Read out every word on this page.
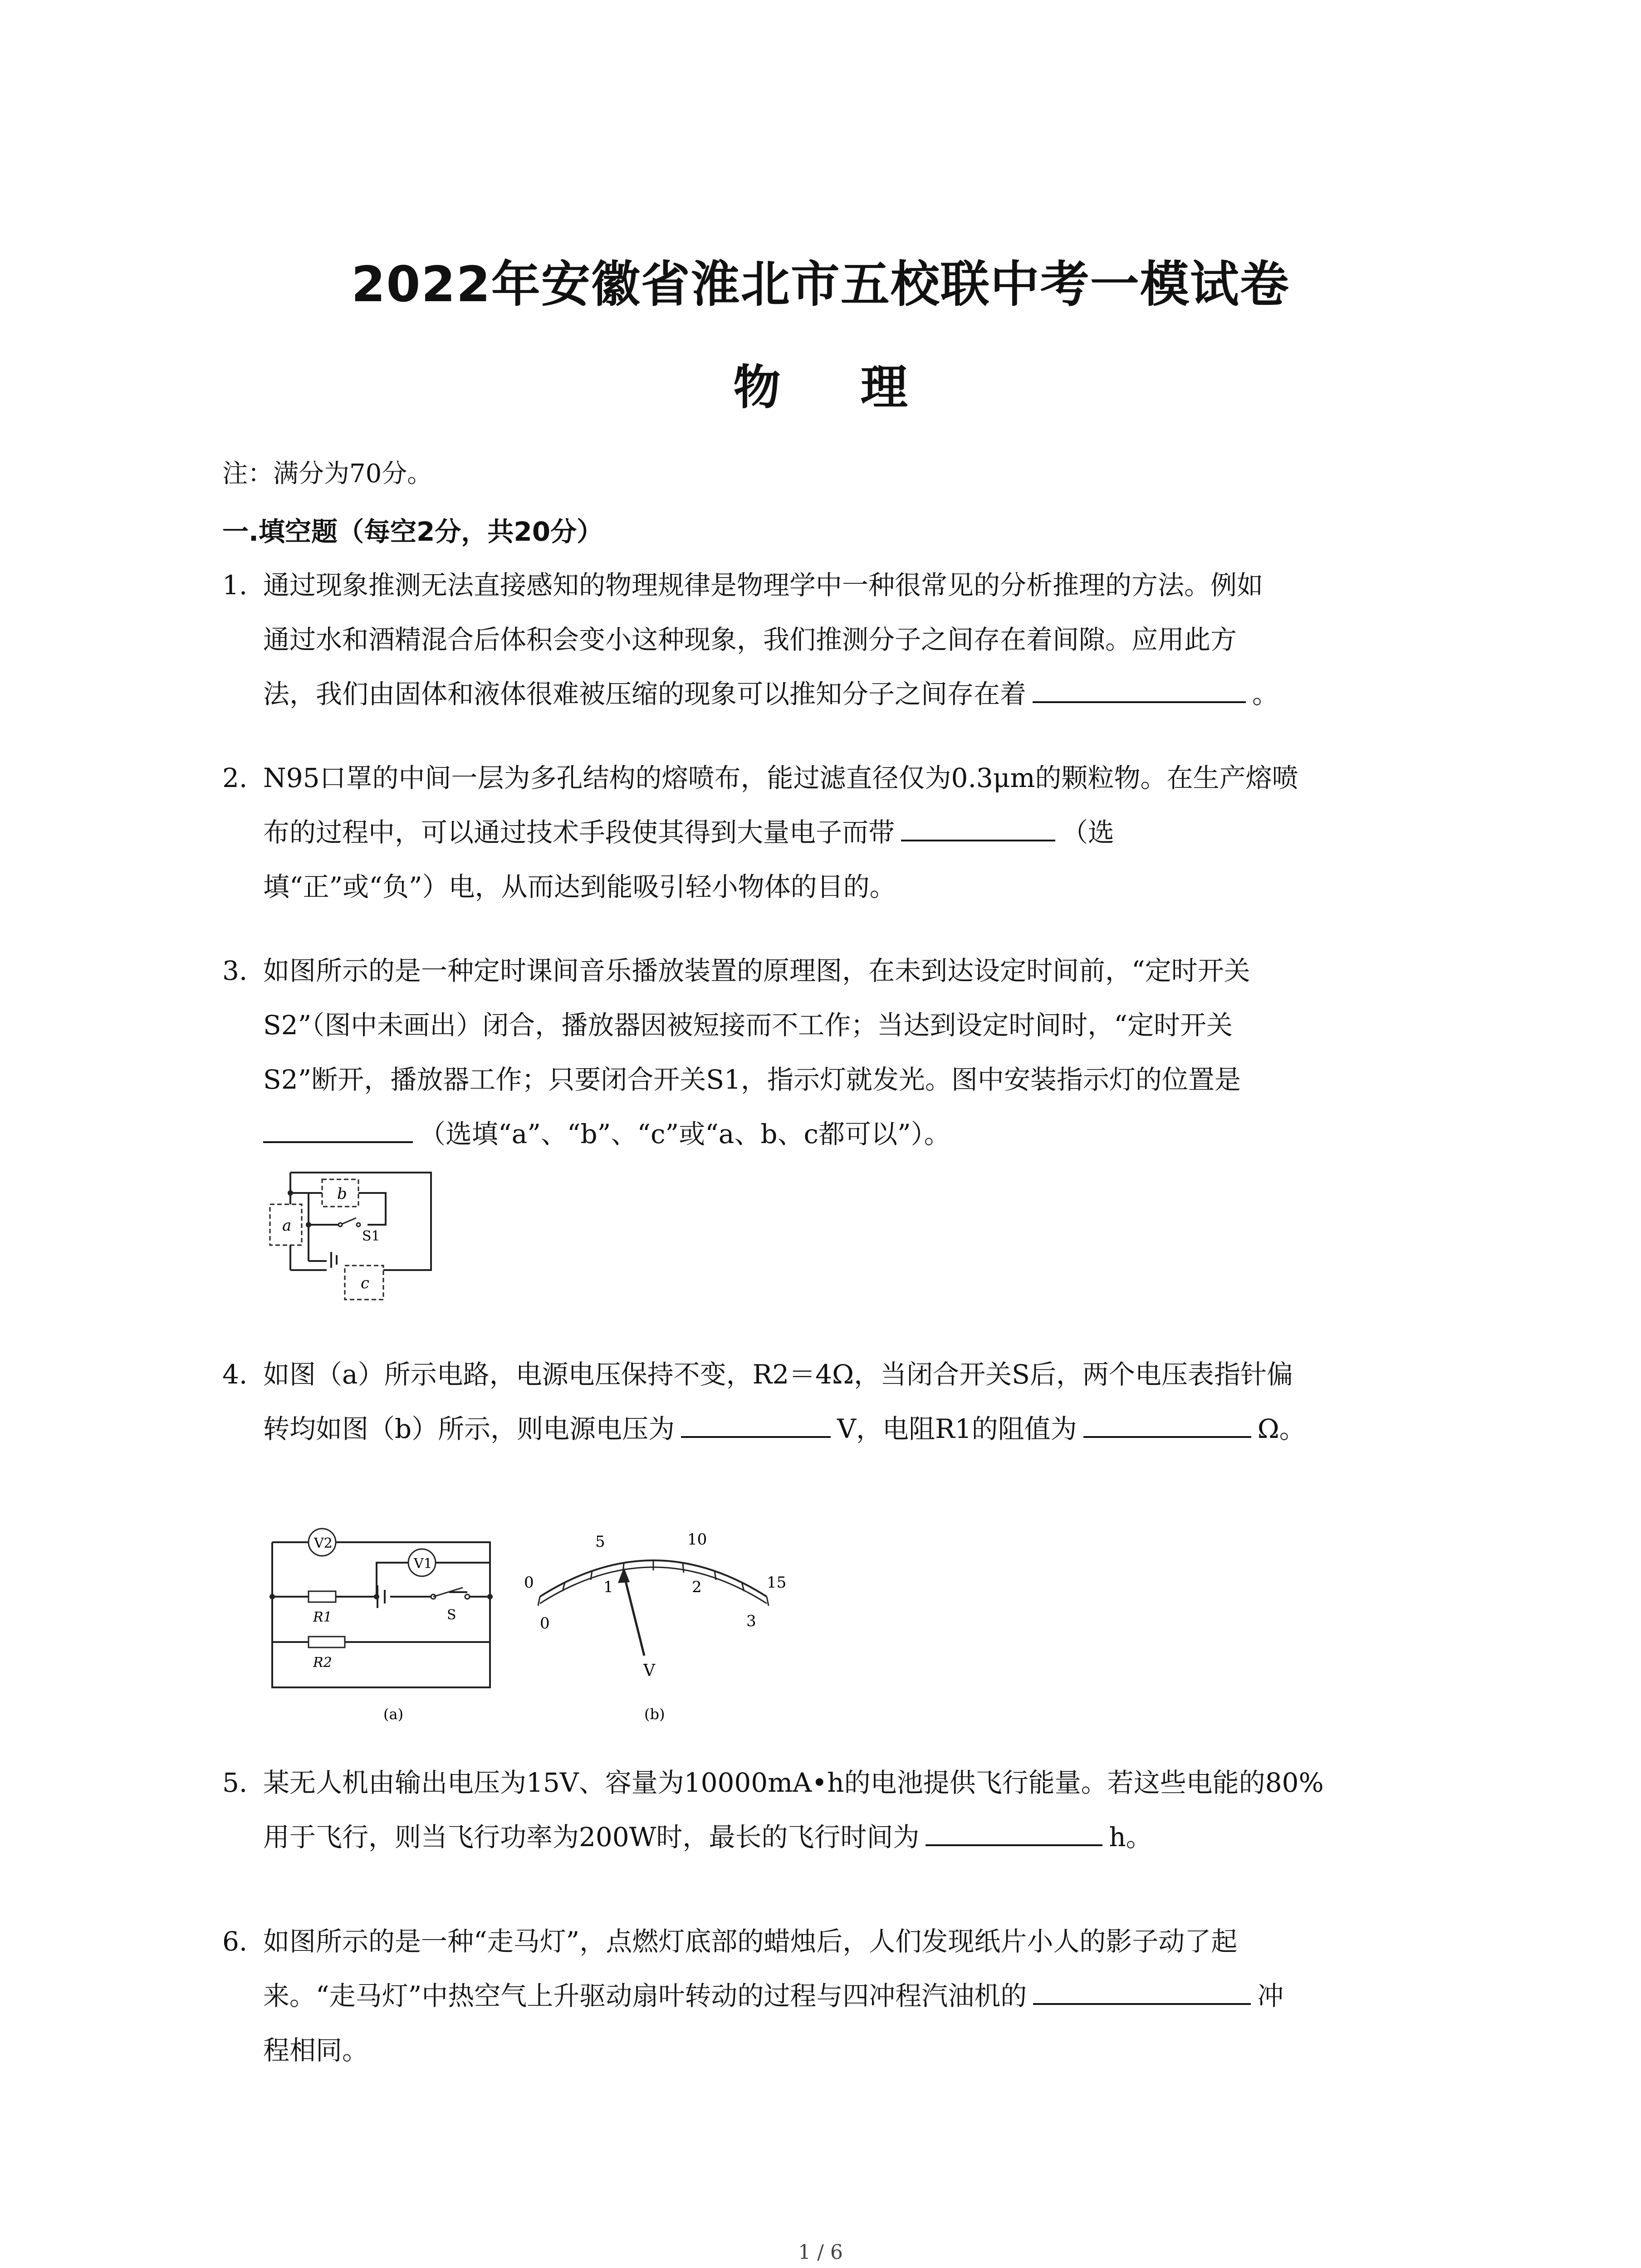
2022年安徽省淮北市五校联中考一模试卷
物 理
注：满分为70分。
一.填空题（每空2分，共20分）
1. 通过现象推测无法直接感知的物理规律是物理学中一种很常见的分析推理的方法。例如
通过水和酒精混合后体积会变小这种现象，我们推测分子之间存在着间隙。应用此方
法，我们由固体和液体很难被压缩的现象可以推知分子之间存在着	。
2. N95口罩的中间一层为多孔结构的熔喷布，能过滤直径仅为0.3μm的颗粒物。在生产熔喷
布的过程中，可以通过技术手段使其得到大量电子而带	（选
填“正”或“负”）电，从而达到能吸引轻小物体的目的。
3. 如图所示的是一种定时课间音乐播放装置的原理图，在未到达设定时间前，“定时开关
S2”（图中未画出）闭合，播放器因被短接而不工作；当达到设定时间时，“定时开关
S2”断开，播放器工作；只要闭合开关S1，指示灯就发光。图中安装指示灯的位置是
（选填“a”、“b”、“c”或“a、b、c都可以”）。
b
a
c
S1
4. 如图（a）所示电路，电源电压保持不变，R2＝4Ω，当闭合开关S后，两个电压表指针偏
转均如图（b）所示，则电源电压为	V，电阻R1的阻值为	Ω。
V2
V1
R1
R2
S
(a)
0
5	10
15
0
1	2
3
V
(b)
5. 某无人机由输出电压为15V、容量为10000mA•h的电池提供飞行能量。若这些电能的80%
用于飞行，则当飞行功率为200W时，最长的飞行时间为	h。
6. 如图所示的是一种“走马灯”，点燃灯底部的蜡烛后，人们发现纸片小人的影子动了起
来。“走马灯”中热空气上升驱动扇叶转动的过程与四冲程汽油机的	冲
程相同。
1 / 6
